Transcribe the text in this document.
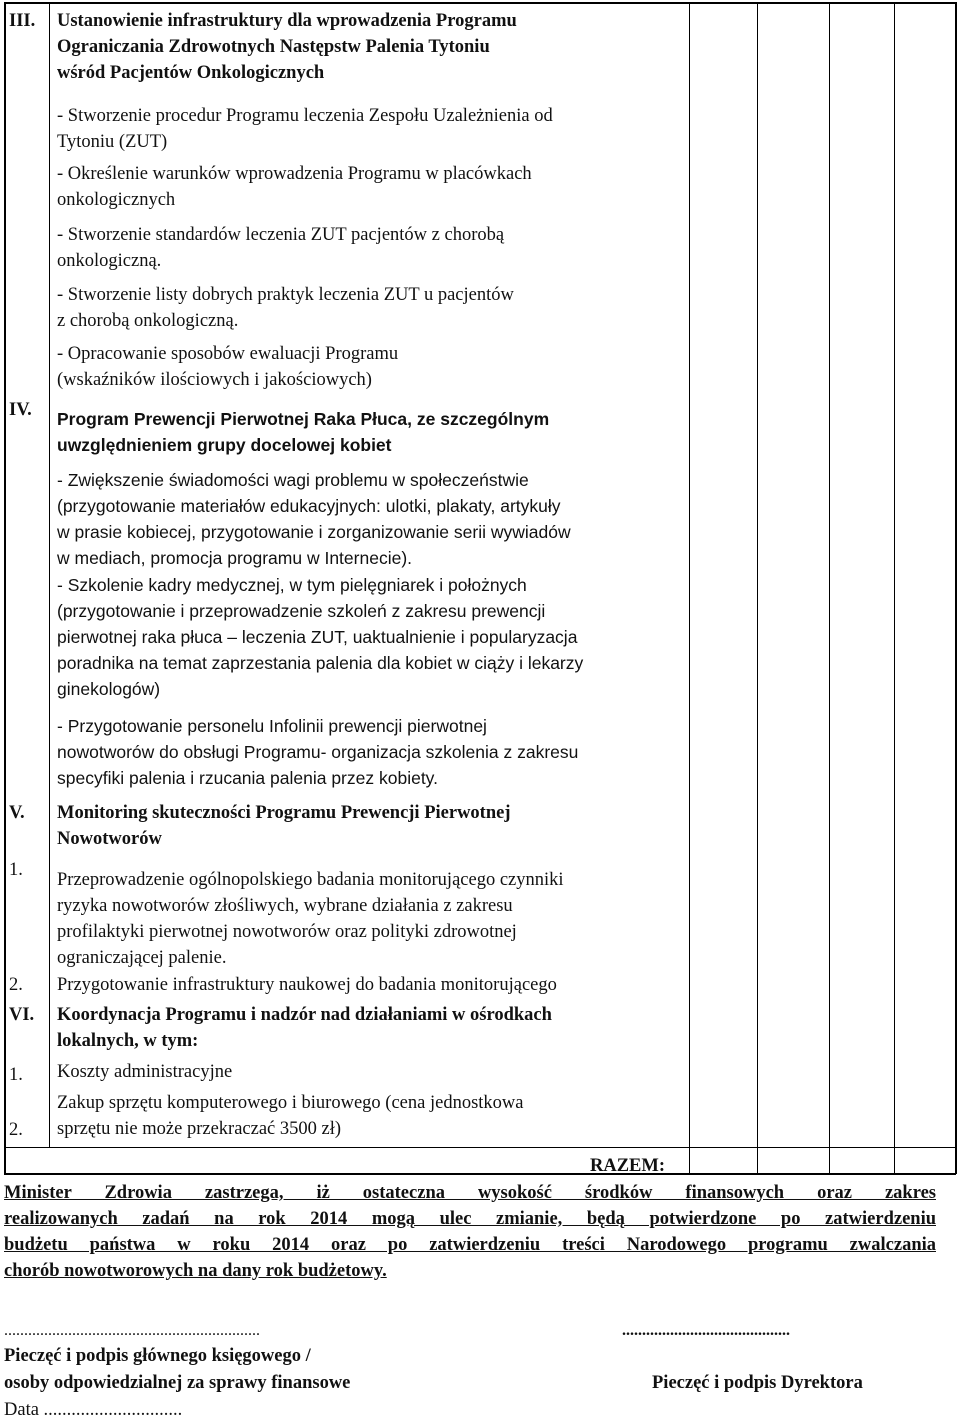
III. Ustanowienie infrastruktury dla wprowadzenia Programu
Ograniczania Zdrowotnych Następstw Palenia Tytoniu
wśród Pacjentów Onkologicznych
- Stworzenie procedur Programu leczenia Zespołu Uzależnienia od
Tytoniu (ZUT)
- Określenie warunków wprowadzenia Programu w placówkach
onkologicznych
- Stworzenie standardów leczenia ZUT pacjentów z chorobą
onkologiczną.
- Stworzenie listy dobrych praktyk leczenia ZUT u pacjentów
z chorobą onkologiczną.
- Opracowanie sposobów ewaluacji Programu
(wskaźników ilościowych i jakościowych)
IV. Program Prewencji Pierwotnej Raka Płuca, ze szczególnym
uwzględnieniem grupy docelowej kobiet
- Zwiększenie świadomości wagi problemu w społeczeństwie
(przygotowanie materiałów edukacyjnych: ulotki, plakaty, artykuły
w prasie kobiecej, przygotowanie i zorganizowanie serii wywiadów
w mediach, promocja programu w Internecie).
- Szkolenie kadry medycznej, w tym pielęgniarek i położnych
(przygotowanie i przeprowadzenie szkoleń z zakresu prewencji
pierwotnej raka płuca – leczenia ZUT, uaktualnienie i popularyzacja
poradnika na temat zaprzestania palenia dla kobiet w ciąży i lekarzy
ginekologów)
- Przygotowanie personelu Infolinii prewencji pierwotnej
nowotworów do obsługi Programu- organizacja szkolenia z zakresu
specyfiki palenia i rzucania palenia przez kobiety.
V. Monitoring skuteczności Programu Prewencji Pierwotnej
Nowotworów
1. Przeprowadzenie ogólnopolskiego badania monitorującego czynniki
ryzyka nowotworów złośliwych, wybrane działania z zakresu
profilaktyki pierwotnej nowotworów oraz polityki zdrowotnej
ograniczającej palenie.
2. Przygotowanie infrastruktury naukowej do badania monitorującego
VI. Koordynacja Programu i nadzór nad działaniami w ośrodkach
lokalnych, w tym:
1. Koszty administracyjne
Zakup sprzętu komputerowego i biurowego (cena jednostkowa
2. sprzętu nie może przekraczać 3500 zł)
RAZEM:
Minister Zdrowia zastrzega, iż ostateczna wysokość środków finansowych oraz zakres
realizowanych zadań na rok 2014 mogą ulec zmianie, będą potwierdzone po zatwierdzeniu
budżetu państwa w roku 2014 oraz po zatwierdzeniu treści Narodowego programu zwalczania
chorób nowotworowych na dany rok budżetowy.
................................................................
Pieczęć i podpis głównego księgowego /
osoby odpowiedzialnej za sprawy finansowe
Data ..............................
..........................................
Pieczęć i podpis Dyrektora
